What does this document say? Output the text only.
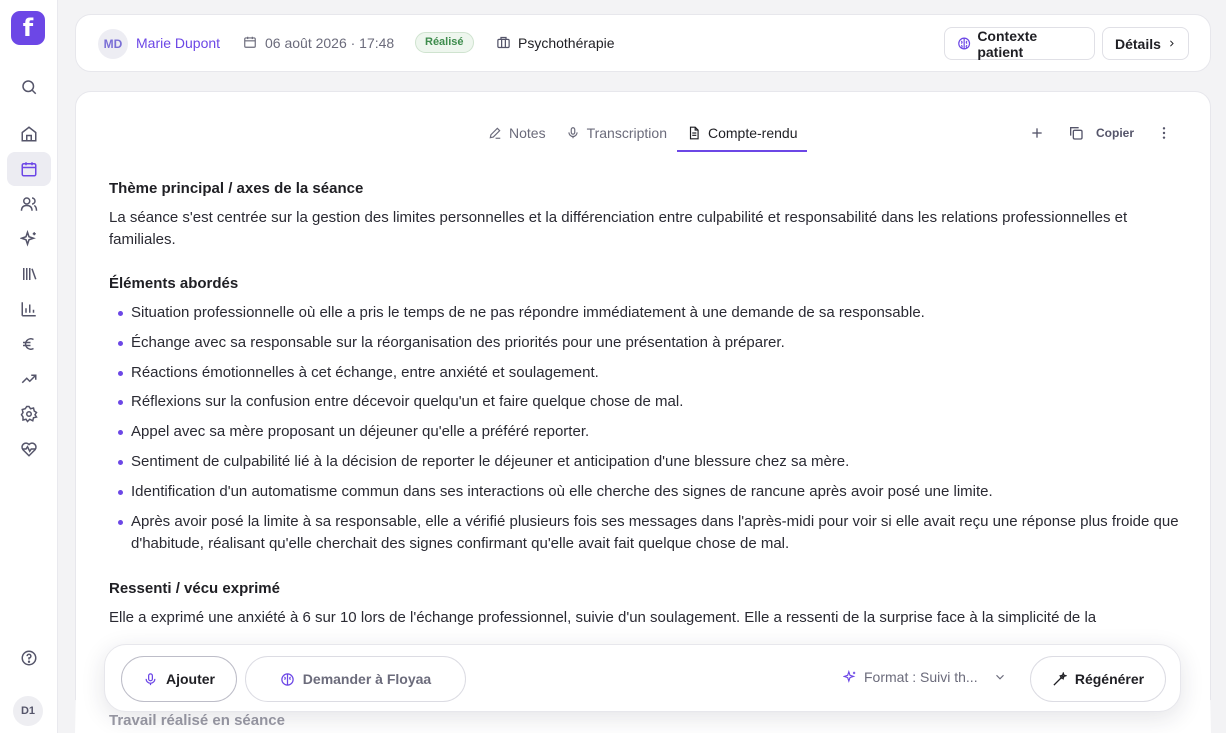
f
D1
MD Marie Dupont	06 août 2026 · 17:48	Réalisé	Psychothérapie	Contexte patient	Détails
Notes	Transcription	Compte-rendu	Copier
Thème principal / axes de la séance
La séance s'est centrée sur la gestion des limites personnelles et la différenciation entre culpabilité et responsabilité dans les relations professionnelles et familiales.
Éléments abordés
Situation professionnelle où elle a pris le temps de ne pas répondre immédiatement à une demande de sa responsable.
Échange avec sa responsable sur la réorganisation des priorités pour une présentation à préparer.
Réactions émotionnelles à cet échange, entre anxiété et soulagement.
Réflexions sur la confusion entre décevoir quelqu'un et faire quelque chose de mal.
Appel avec sa mère proposant un déjeuner qu'elle a préféré reporter.
Sentiment de culpabilité lié à la décision de reporter le déjeuner et anticipation d'une blessure chez sa mère.
Identification d'un automatisme commun dans ses interactions où elle cherche des signes de rancune après avoir posé une limite.
Après avoir posé la limite à sa responsable, elle a vérifié plusieurs fois ses messages dans l'après-midi pour voir si elle avait reçu une réponse plus froide que d'habitude, réalisant qu'elle cherchait des signes confirmant qu'elle avait fait quelque chose de mal.
Ressenti / vécu exprimé
Elle a exprimé une anxiété à 6 sur 10 lors de l'échange professionnel, suivie d'un soulagement. Elle a ressenti de la surprise face à la simplicité de la
Travail réalisé en séance
Ajouter	Demander à Floyaa	Format : Suivi th...	Régénérer
